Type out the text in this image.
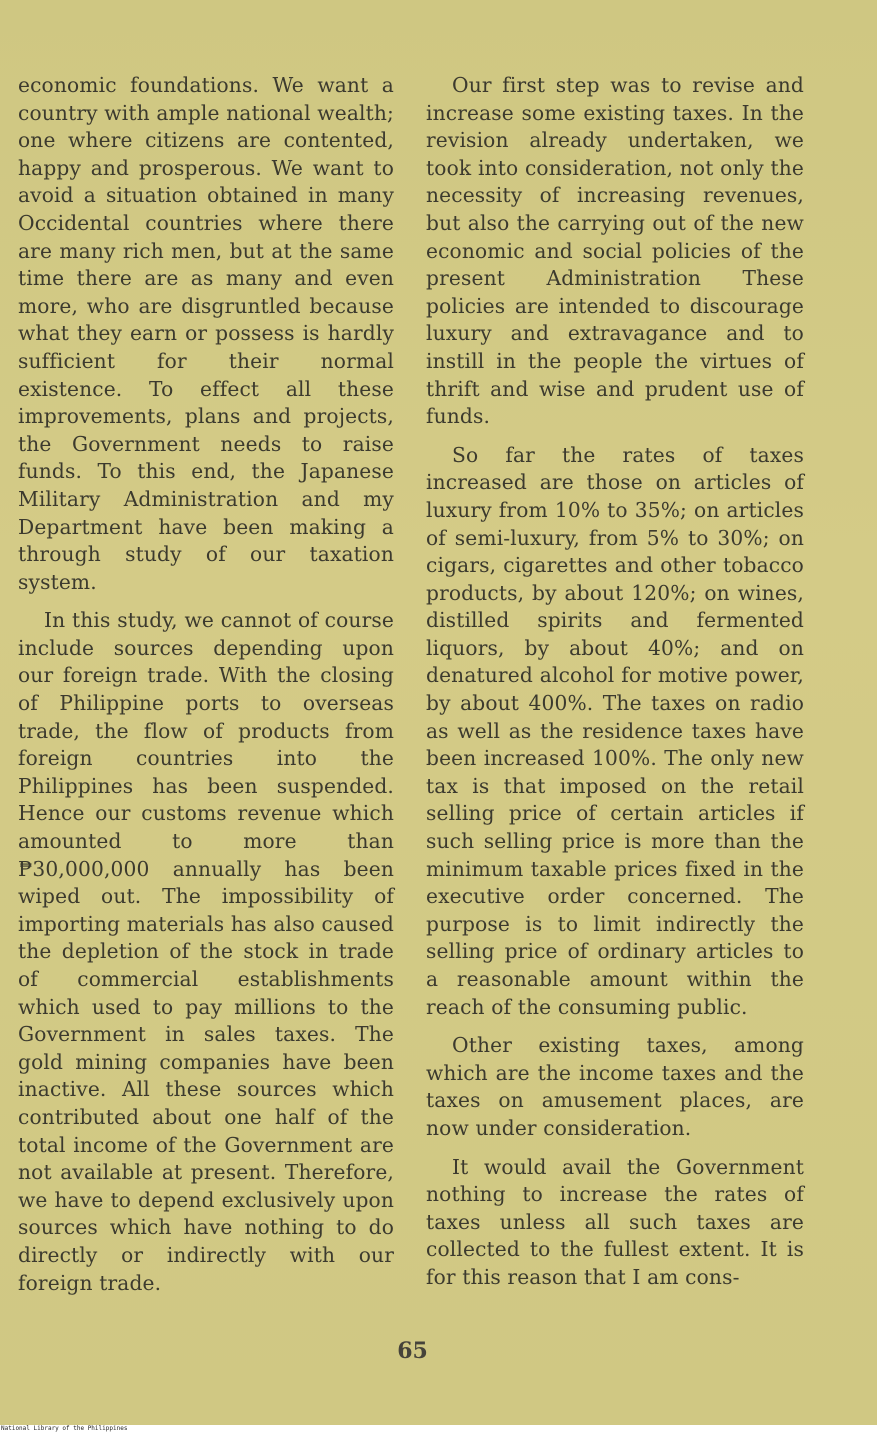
economic foundations. We want a country with ample national wealth; one where citizens are contented, happy and prosperous. We want to avoid a situation obtained in many Occidental countries where there are many rich men, but at the same time there are as many and even more, who are disgruntled because what they earn or possess is hardly sufficient for their normal existence. To effect all these improvements, plans and projects, the Government needs to raise funds. To this end, the Japanese Military Administration and my Department have been making a through study of our taxation system.

In this study, we cannot of course include sources depending upon our foreign trade. With the closing of Philippine ports to overseas trade, the flow of products from foreign countries into the Philippines has been suspended. Hence our customs revenue which amounted to more than ₱30,000,000 annually has been wiped out. The impossibility of importing materials has also caused the depletion of the stock in trade of commercial establishments which used to pay millions to the Government in sales taxes. The gold mining companies have been inactive. All these sources which contributed about one half of the total income of the Government are not available at present. Therefore, we have to depend exclusively upon sources which have nothing to do directly or indirectly with our foreign trade.

Our first step was to revise and increase some existing taxes. In the revision already undertaken, we took into consideration, not only the necessity of increasing revenues, but also the carrying out of the new economic and social policies of the present Administration These policies are intended to discourage luxury and extravagance and to instill in the people the virtues of thrift and wise and prudent use of funds.

So far the rates of taxes increased are those on articles of luxury from 10% to 35%; on articles of semi-luxury, from 5% to 30%; on cigars, cigarettes and other tobacco products, by about 120%; on wines, distilled spirits and fermented liquors, by about 40%; and on denatured alcohol for motive power, by about 400%. The taxes on radio as well as the residence taxes have been increased 100%. The only new tax is that imposed on the retail selling price of certain articles if such selling price is more than the minimum taxable prices fixed in the executive order concerned. The purpose is to limit indirectly the selling price of ordinary articles to a reasonable amount within the reach of the consuming public.

Other existing taxes, among which are the income taxes and the taxes on amusement places, are now under consideration.

It would avail the Government nothing to increase the rates of taxes unless all such taxes are collected to the fullest extent. It is for this reason that I am cons-

65
National Library of the Philippines
